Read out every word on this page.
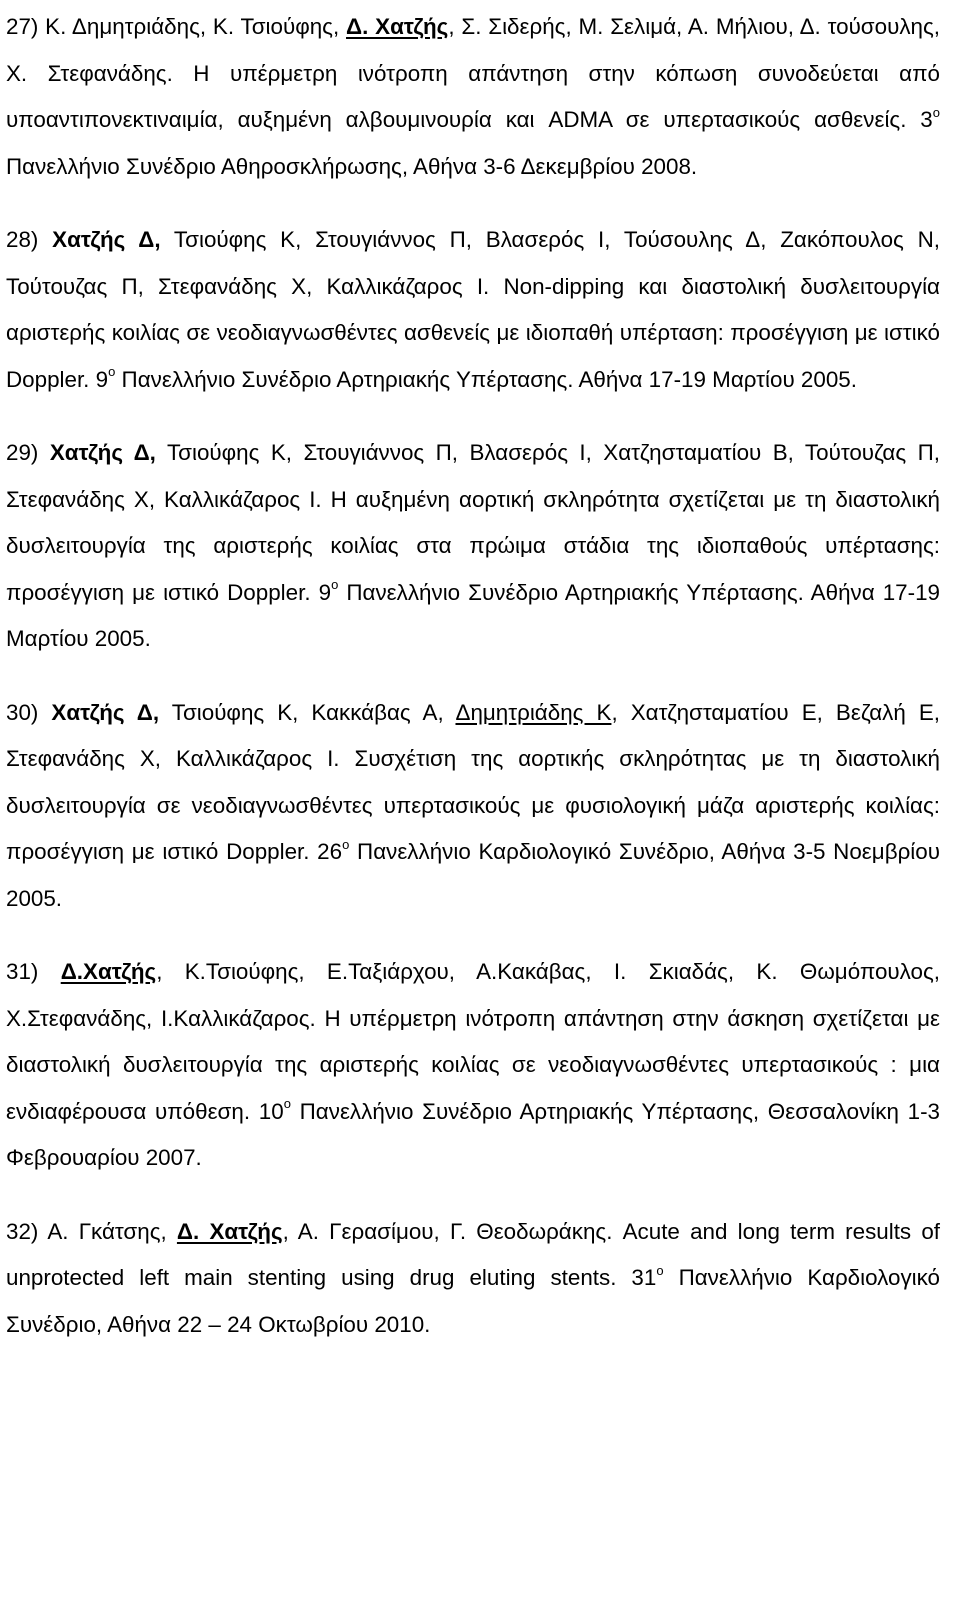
27) Κ. Δημητριάδης, Κ. Τσιούφης, Δ. Χατζής, Σ. Σιδερής, Μ. Σελιμά, Α. Μήλιου, Δ. τούσουλης, Χ. Στεφανάδης. Η υπέρμετρη ινότροπη απάντηση στην κόπωση συνοδεύεται από υποαντιπονεκτιναιμία, αυξημένη αλβουμινουρία και ADMA σε υπερτασικούς ασθενείς. $3^o$ Πανελλήνιο Συνέδριο Αθηροσκλήρωσης, Αθήνα 3-6 Δεκεμβρίου 2008.

28) Χατζής Δ, Τσιούφης Κ, Στουγιάννος Π, Βλασερός Ι, Τούσουλης Δ, Ζακόπουλος Ν, Τούτουζας Π, Στεφανάδης Χ, Καλλικάζαρος Ι. Non-dipping και διαστολική δυσλειτουργία αριστερής κοιλίας σε νεοδιαγνωσθέντες ασθενείς με ιδιοπαθή υπέρταση: προσέγγιση με ιστικό Doppler. $9^o$ Πανελλήνιο Συνέδριο Αρτηριακής Υπέρτασης. Αθήνα 17-19 Μαρτίου 2005.

29) Χατζής Δ, Τσιούφης Κ, Στουγιάννος Π, Βλασερός Ι, Χατζησταματίου Β, Τούτουζας Π, Στεφανάδης Χ, Καλλικάζαρος Ι. Η αυξημένη αορτική σκληρότητα σχετίζεται με τη διαστολική δυσλειτουργία της αριστερής κοιλίας στα πρώιμα στάδια της ιδιοπαθούς υπέρτασης: προσέγγιση με ιστικό Doppler. $9^o$ Πανελλήνιο Συνέδριο Αρτηριακής Υπέρτασης. Αθήνα 17-19 Μαρτίου 2005.

30) Χατζής Δ, Τσιούφης Κ, Κακκάβας Α, Δημητριάδης Κ, Χατζησταματίου Ε, Βεζαλή Ε, Στεφανάδης Χ, Καλλικάζαρος Ι. Συσχέτιση της αορτικής σκληρότητας με τη διαστολική δυσλειτουργία σε νεοδιαγνωσθέντες υπερτασικούς με φυσιολογική μάζα αριστερής κοιλίας: προσέγγιση με ιστικό Doppler. $26^o$ Πανελλήνιο Καρδιολογικό Συνέδριο, Αθήνα 3-5 Νοεμβρίου 2005.

31) Δ.Χατζής, Κ.Τσιούφης, Ε.Ταξιάρχου, Α.Κακάβας, Ι. Σκιαδάς, Κ. Θωμόπουλος, Χ.Στεφανάδης, Ι.Καλλικάζαρος. Η υπέρμετρη ινότροπη απάντηση στην άσκηση σχετίζεται με διαστολική δυσλειτουργία της αριστερής κοιλίας σε νεοδιαγνωσθέντες υπερτασικούς : μια ενδιαφέρουσα υπόθεση. $10^o$ Πανελλήνιο Συνέδριο Αρτηριακής Υπέρτασης, Θεσσαλονίκη 1-3 Φεβρουαρίου 2007.

32) Α. Γκάτσης, Δ. Χατζής, Α. Γερασίμου, Γ. Θεοδωράκης. Acute and long term results of unprotected left main stenting using drug eluting stents. $31^o$ Πανελλήνιο Καρδιολογικό Συνέδριο, Αθήνα 22 – 24 Οκτωβρίου 2010.
